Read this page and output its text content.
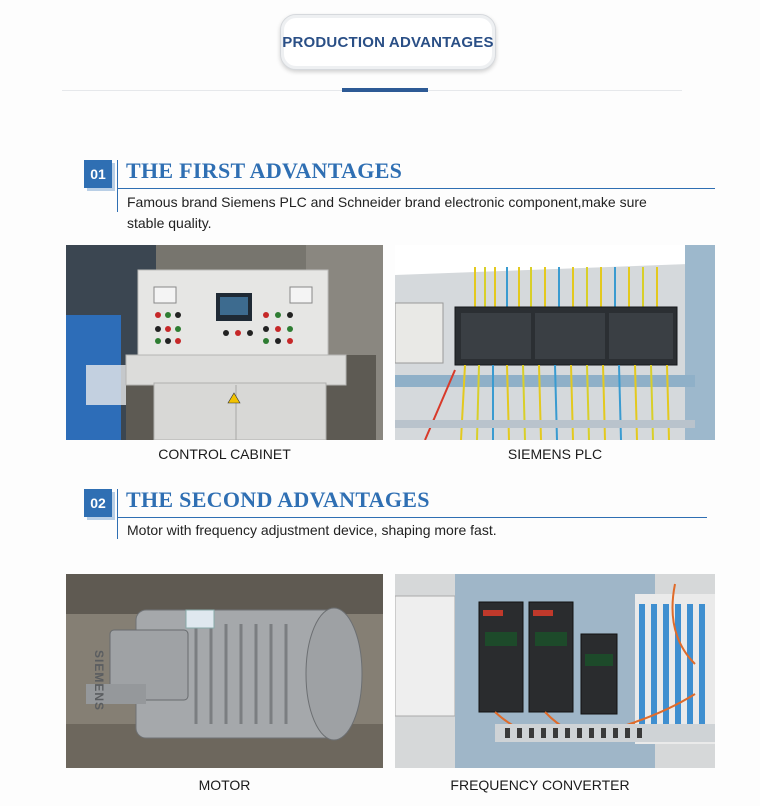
PRODUCTION ADVANTAGES
01 THE FIRST ADVANTAGES
Famous brand Siemens PLC and Schneider brand electronic component,make sure
stable quality.
CONTROL CABINET	SIEMENS PLC
02 THE SECOND ADVANTAGES
Motor with frequency adjustment device, shaping more fast.
SIEMENS
MOTOR	FREQUENCY CONVERTER
